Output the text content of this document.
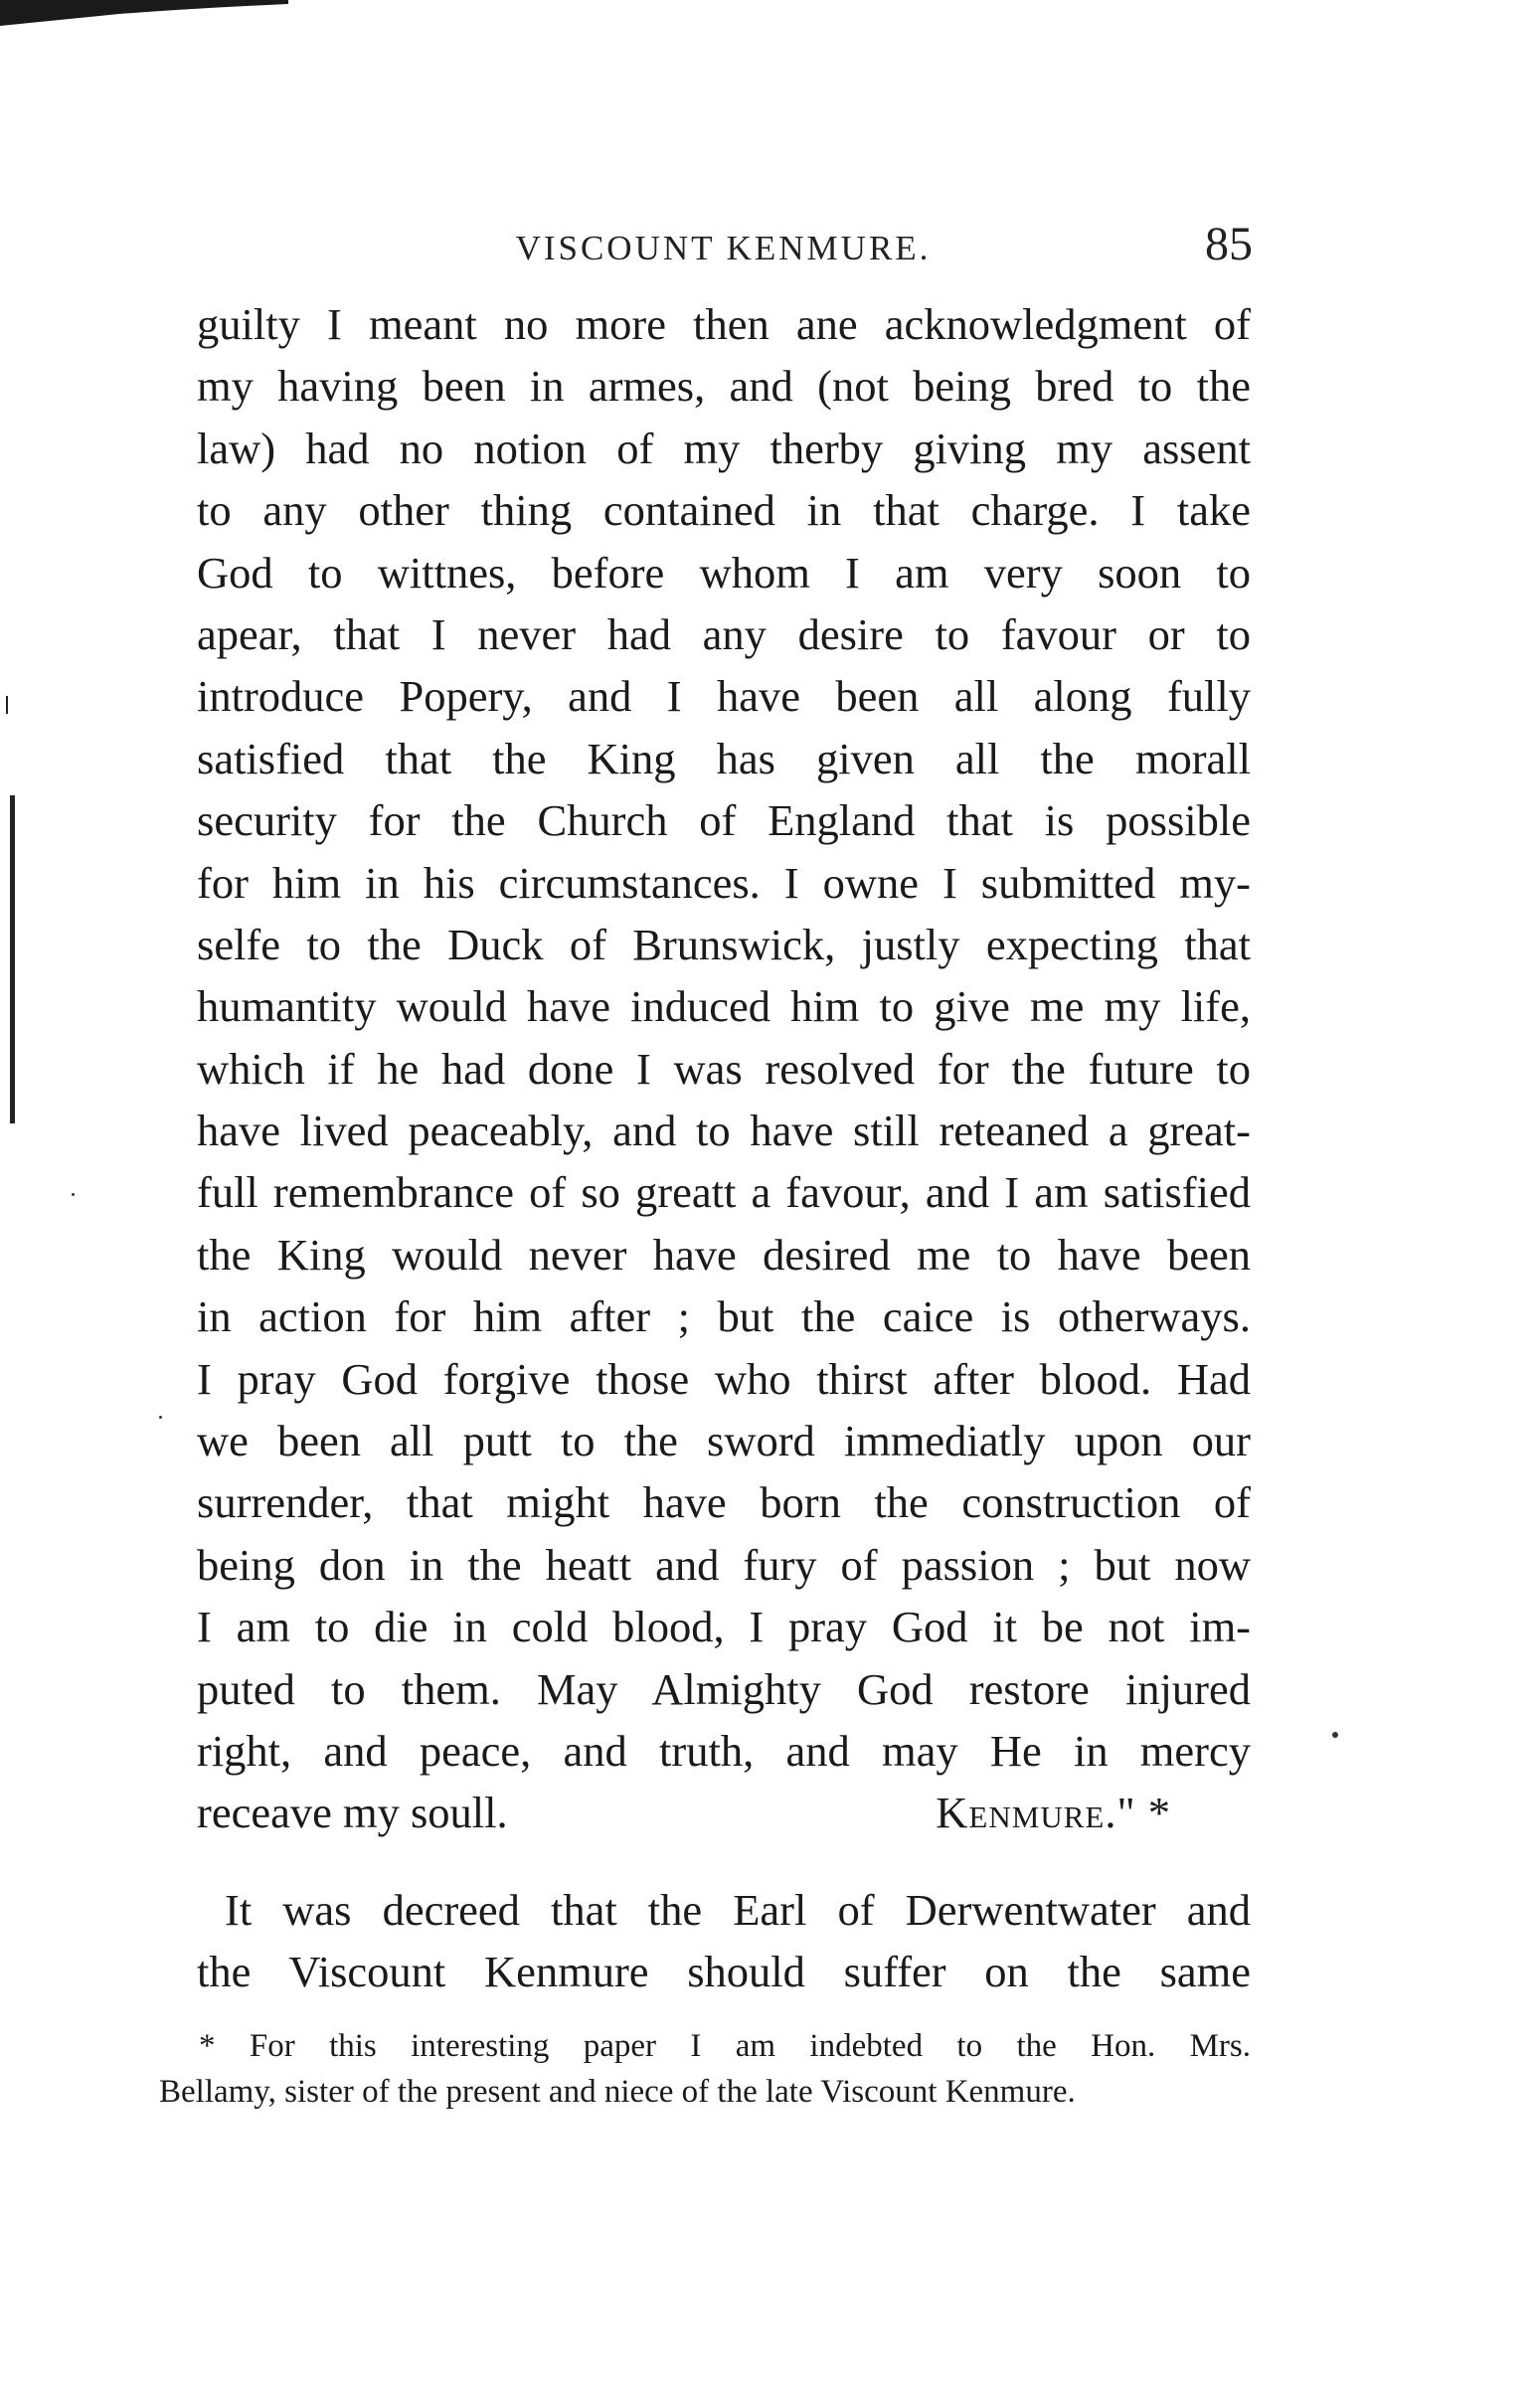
VISCOUNT KENMURE.	85
guilty I meant no more then ane acknowledgment of
my having been in armes, and (not being bred to the
law) had no notion of my therby giving my assent
to any other thing contained in that charge. I take
God to wittnes, before whom I am very soon to
apear, that I never had any desire to favour or to
introduce Popery, and I have been all along fully
satisfied that the King has given all the morall
security for the Church of England that is possible
for him in his circumstances. I owne I submitted my-
selfe to the Duck of Brunswick, justly expecting that
humantity would have induced him to give me my life,
which if he had done I was resolved for the future to
have lived peaceably, and to have still reteaned a great-
full remembrance of so greatt a favour, and I am satisfied
the King would never have desired me to have been
in action for him after ; but the caice is otherways.
I pray God forgive those who thirst after blood. Had
we been all putt to the sword immediatly upon our
surrender, that might have born the construction of
being don in the heatt and fury of passion ; but now
I am to die in cold blood, I pray God it be not im-
puted to them. May Almighty God restore injured
right, and peace, and truth, and may He in mercy
receave my soull.	Kenmure." *
It was decreed that the Earl of Derwentwater and
the Viscount Kenmure should suffer on the same
* For this interesting paper I am indebted to the Hon. Mrs.
Bellamy, sister of the present and niece of the late Viscount Kenmure.
